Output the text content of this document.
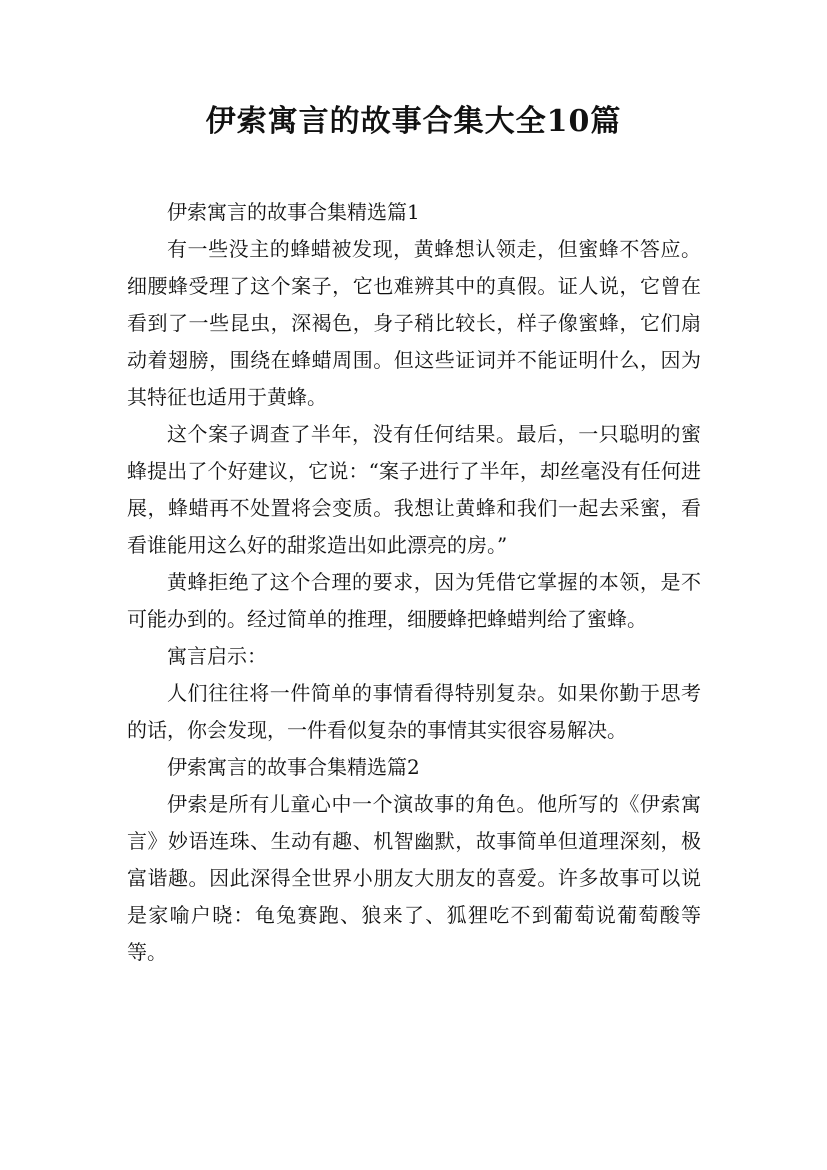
伊索寓言的故事合集大全10篇

伊索寓言的故事合集精选篇1

有一些没主的蜂蜡被发现，黄蜂想认领走，但蜜蜂不答应。细腰蜂受理了这个案子，它也难辨其中的真假。证人说，它曾在看到了一些昆虫，深褐色，身子稍比较长，样子像蜜蜂，它们扇动着翅膀，围绕在蜂蜡周围。但这些证词并不能证明什么，因为其特征也适用于黄蜂。

这个案子调查了半年，没有任何结果。最后，一只聪明的蜜蜂提出了个好建议，它说：“案子进行了半年，却丝毫没有任何进展，蜂蜡再不处置将会变质。我想让黄蜂和我们一起去采蜜，看看谁能用这么好的甜浆造出如此漂亮的房。”

黄蜂拒绝了这个合理的要求，因为凭借它掌握的本领，是不可能办到的。经过简单的推理，细腰蜂把蜂蜡判给了蜜蜂。

寓言启示：

人们往往将一件简单的事情看得特别复杂。如果你勤于思考的话，你会发现，一件看似复杂的事情其实很容易解决。

伊索寓言的故事合集精选篇2

伊索是所有儿童心中一个演故事的角色。他所写的《伊索寓言》妙语连珠、生动有趣、机智幽默，故事简单但道理深刻，极富谐趣。因此深得全世界小朋友大朋友的喜爱。许多故事可以说是家喻户晓：龟兔赛跑、狼来了、狐狸吃不到葡萄说葡萄酸等等。
